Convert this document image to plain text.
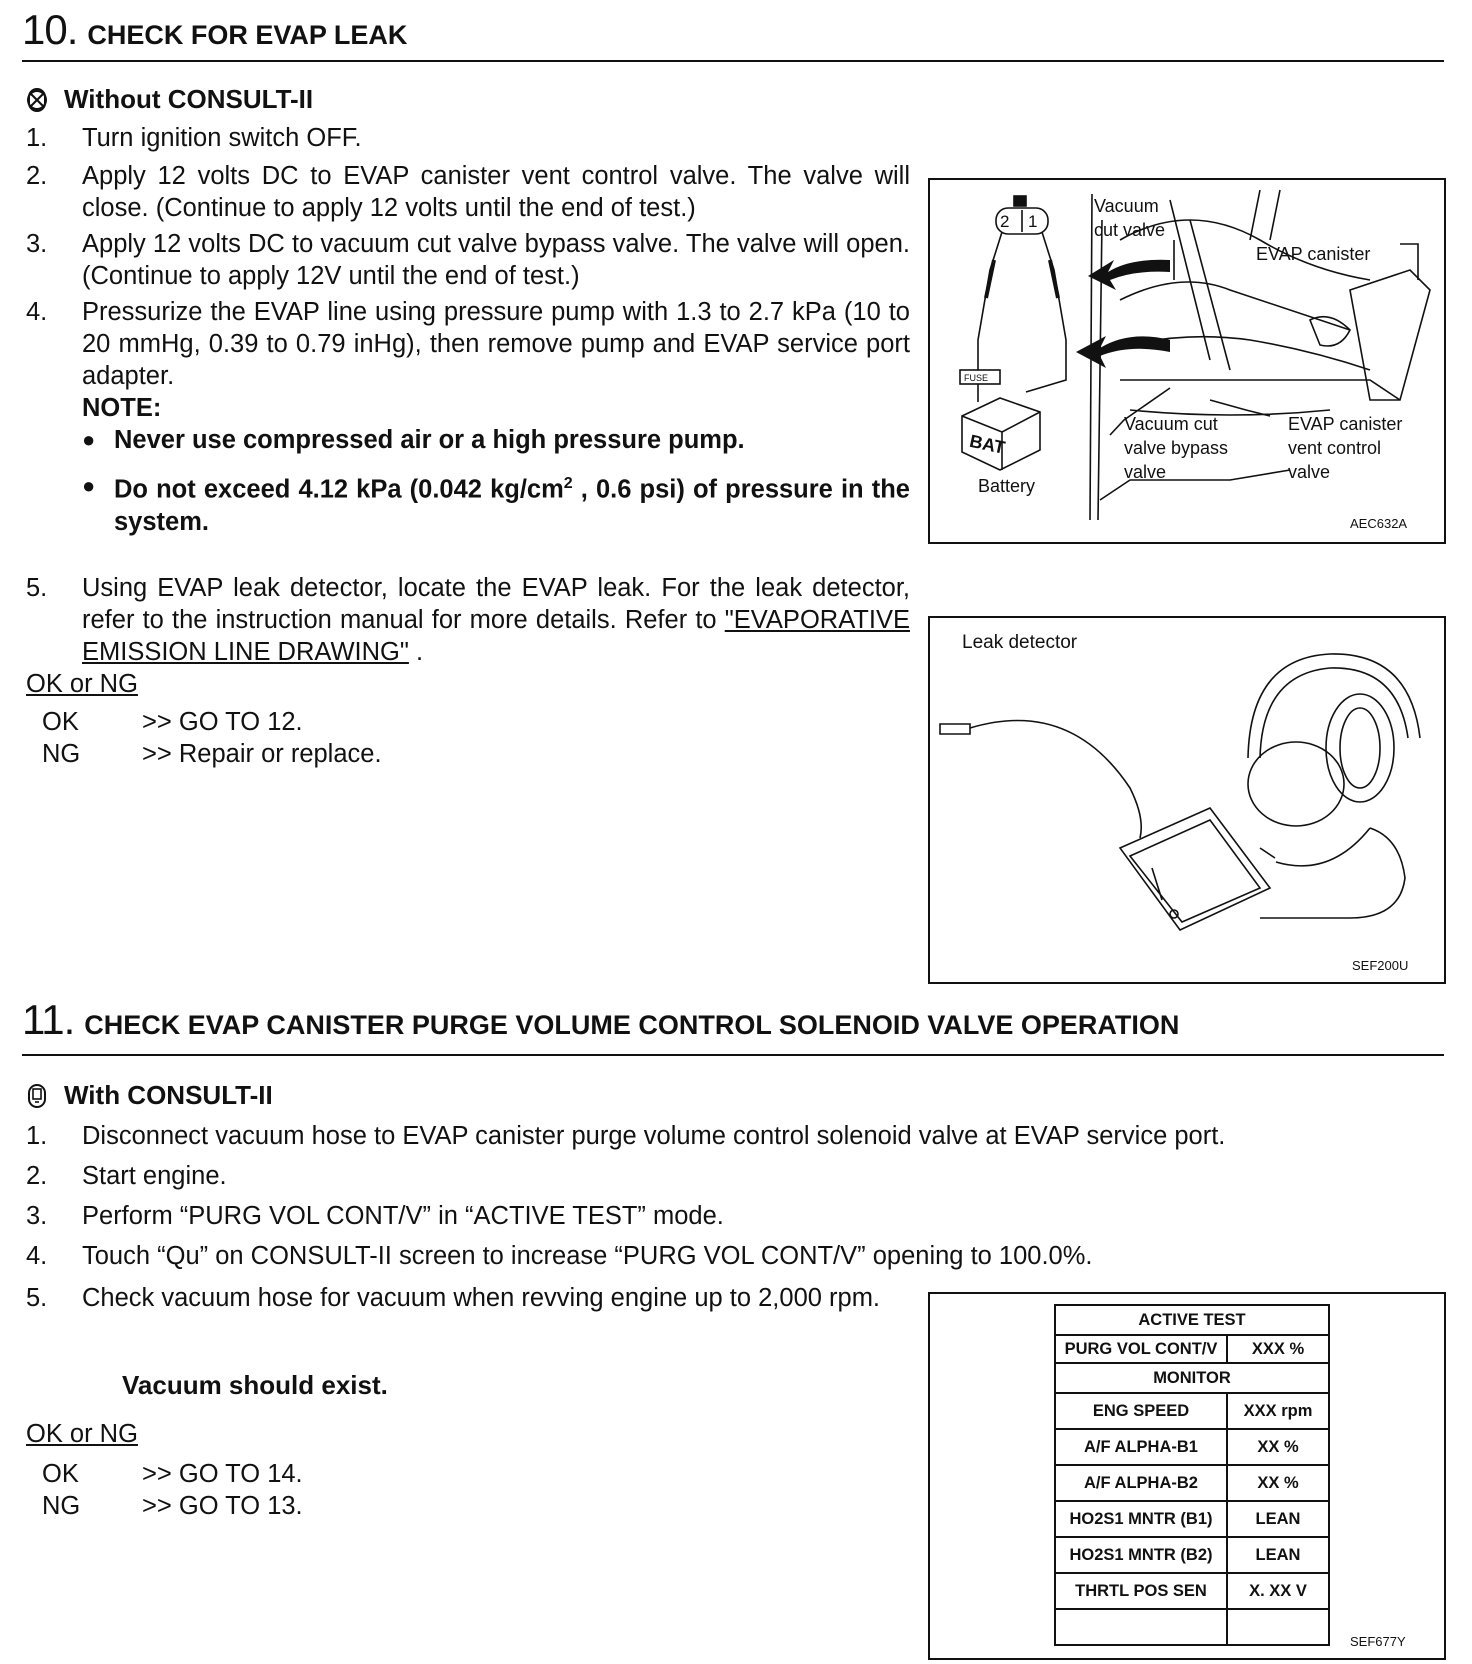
10. CHECK FOR EVAP LEAK
Without CONSULT-II
1.	Turn ignition switch OFF.
2.	Apply 12 volts DC to EVAP canister vent control valve. The valve will close. (Continue to apply 12 volts until the end of test.)
3.	Apply 12 volts DC to vacuum cut valve bypass valve. The valve will open. (Continue to apply 12V until the end of test.)
4.	Pressurize the EVAP line using pressure pump with 1.3 to 2.7 kPa (10 to 20 mmHg, 0.39 to 0.79 inHg), then remove pump and EVAP service port adapter.
NOTE:
● Never use compressed air or a high pressure pump.
● Do not exceed 4.12 kPa (0.042 $kg/cm^2$ , 0.6 psi) of pressure in the system.
5.	Using EVAP leak detector, locate the EVAP leak. For the leak detector, refer to the instruction manual for more details. Refer to "EVAPORATIVE EMISSION LINE DRAWING" .
OK or NG
OK	>> GO TO 12.
NG	>> Repair or replace.
2 1
Vacuum
cut valve
EVAP canister
FUSE
BAT
Battery
Vacuum cut
valve bypass
valve
EVAP canister
vent control
valve
AEC632A
Leak detector
SEF200U
11. CHECK EVAP CANISTER PURGE VOLUME CONTROL SOLENOID VALVE OPERATION
With CONSULT-II
1.	Disconnect vacuum hose to EVAP canister purge volume control solenoid valve at EVAP service port.
2.	Start engine.
3.	Perform “PURG VOL CONT/V” in “ACTIVE TEST” mode.
4.	Touch “Qu” on CONSULT-II screen to increase “PURG VOL CONT/V” opening to 100.0%.
5.	Check vacuum hose for vacuum when revving engine up to 2,000 rpm.
Vacuum should exist.
OK or NG
OK	>> GO TO 14.
NG	>> GO TO 13.
ACTIVE TEST	
PURG VOL CONT/V	XXX %
MONITOR	
ENG SPEED	XXX rpm
A/F ALPHA-B1	XX %
A/F ALPHA-B2	XX %
HO2S1 MNTR (B1)	LEAN
HO2S1 MNTR (B2)	LEAN
THRTL POS SEN	X. XX V

SEF677Y
